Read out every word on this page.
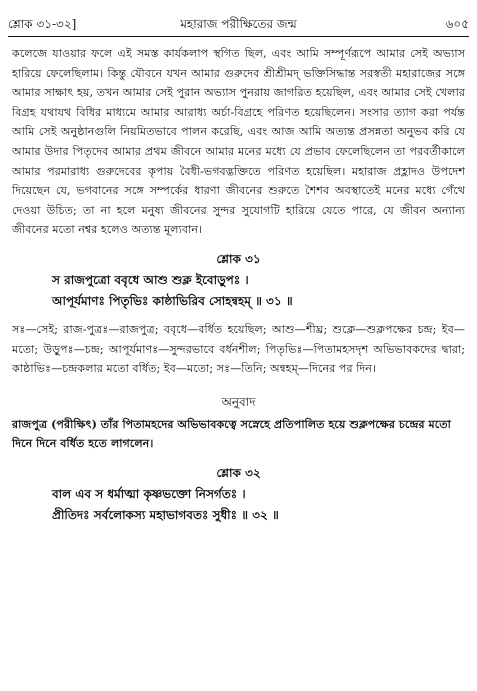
শ্লোক ৩১-৩২]	মহারাজ পরীক্ষিতের জন্ম	৬০৫

কলেজে যাওয়ার ফলে এই সমস্ত কার্যকলাপ স্থগিত ছিল, এবং আমি সম্পূর্ণরূপে আমার সেই অভ্যাস হারিয়ে ফেলেছিলাম। কিন্তু যৌবনে যখন আমার গুরুদেব শ্রীশ্রীমদ্ ভক্তিসিদ্ধান্ত সরস্বতী মহারাজের সঙ্গে আমার সাক্ষাৎ হয়, তখন আমার সেই পুরান অভ্যাস পুনরায় জাগরিত হয়েছিল, এবং আমার সেই খেলার বিগ্রহ যথাযথ বিধির মাধ্যমে আমার আরাধ্য অর্চা-বিগ্রহে পরিণত হয়েছিলেন। সংসার ত্যাগ করা পর্যন্ত আমি সেই অনুষ্ঠানগুলি নিয়মিতভাবে পালন করেছি, এবং আজ আমি অত্যন্ত প্রসন্নতা অনুভব করি যে আমার উদার পিতৃদেব আমার প্রথম জীবনে আমার মনের মধ্যে যে প্রভাব ফেলেছিলেন তা পরবর্তীকালে আমার পরমারাধ্য গুরুদেবের কৃপায় বৈধী-ভগবদ্ভক্তিতে পরিণত হয়েছিল। মহারাজ প্রহ্লাদও উপদেশ দিয়েছেন যে, ভগবানের সঙ্গে সম্পর্কের ধারণা জীবনের শুরুতে শৈশব অবস্থাতেই মনের মধ্যে গেঁথে দেওয়া উচিত; তা না হলে মনুষ্য জীবনের সুন্দর সুযোগটি হারিয়ে যেতে পারে, যে জীবন অন্যান্য জীবনের মতো নশ্বর হলেও অত্যন্ত মূল্যবান।

শ্লোক ৩১
স রাজপুত্রো ববৃধে আশু শুক্ল ইবোড়ুপঃ ।
আপূর্যমাণঃ পিতৃভিঃ কাষ্ঠাভিরিব সোহন্বহম্ ॥ ৩১ ॥

সঃ—সেই; রাজ-পুত্রঃ—রাজপুত্র; ববৃধে—বর্ধিত হয়েছিল; আশু—শীঘ্র; শুক্লে—শুক্লপক্ষের চন্দ্র; ইব—মতো; উড়ুপঃ—চন্দ্র; আপূর্যমাণঃ—সুন্দরভাবে বর্ধনশীল; পিতৃভিঃ—পিতামহসদৃশ অভিভাবকদের দ্বারা; কাষ্ঠাভিঃ—চন্দ্রকলার মতো বর্ধিত; ইব—মতো; সঃ—তিনি; অন্বহম্—দিনের পর দিন।

অনুবাদ

রাজপুত্র (পরীক্ষিৎ) তাঁর পিতামহদের অভিভাবকত্বে সস্নেহে প্রতিপালিত হয়ে শুক্লপক্ষের চন্দ্রের মতো দিনে দিনে বর্ধিত হতে লাগলেন।

শ্লোক ৩২
বাল এব স ধর্মাত্মা কৃষ্ণভক্তো নিসর্গতঃ ।
প্রীতিদঃ সর্বলোকস্য মহাভাগবতঃ সুধীঃ ॥ ৩২ ॥
